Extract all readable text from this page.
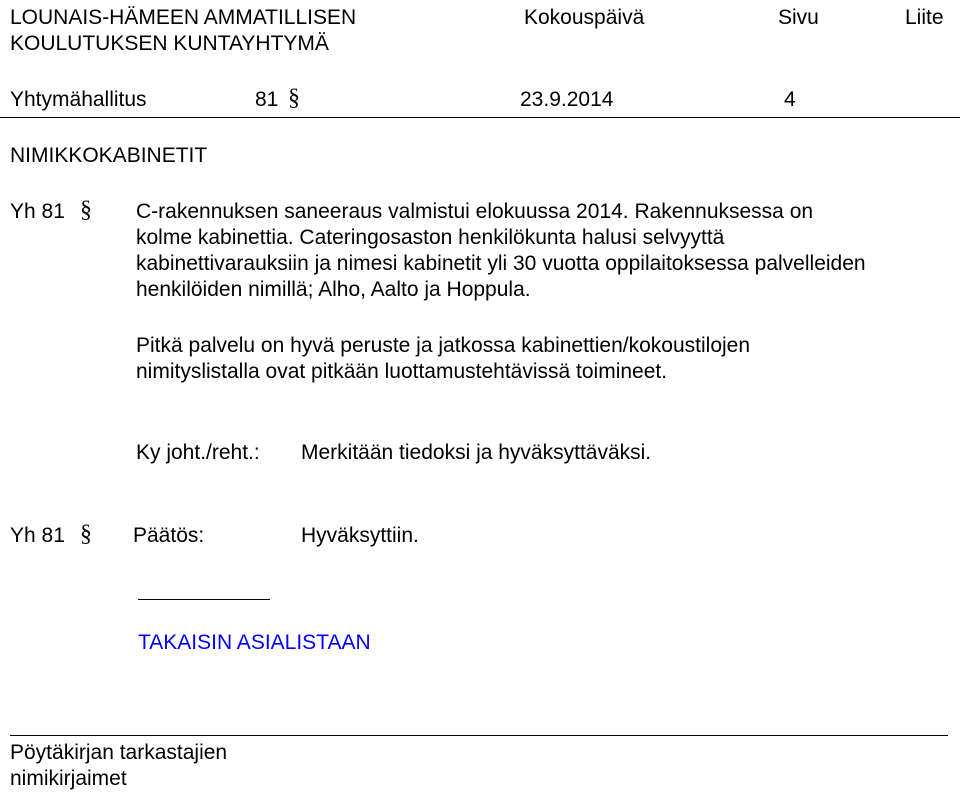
LOUNAIS-HÄMEEN AMMATILLISEN
KOULUTUKSEN KUNTAYHTYMÄ
Kokouspäivä	Sivu	Liite
Yhtymähallitus	81 §	23.9.2014	4
NIMIKKOKABINETIT
Yh 81 § C-rakennuksen saneeraus valmistui elokuussa 2014. Rakennuksessa on
kolme kabinettia. Cateringosaston henkilökunta halusi selvyyttä
kabinettivarauksiin ja nimesi kabinetit yli 30 vuotta oppilaitoksessa palvelleiden
henkilöiden nimillä; Alho, Aalto ja Hoppula.
Pitkä palvelu on hyvä peruste ja jatkossa kabinettien/kokoustilojen
nimityslistalla ovat pitkään luottamustehtävissä toimineet.
Ky joht./reht.: Merkitään tiedoksi ja hyväksyttäväksi.
Yh 81 § Päätös:	Hyväksyttiin.
TAKAISIN ASIALISTAAN
Pöytäkirjan tarkastajien
nimikirjaimet
